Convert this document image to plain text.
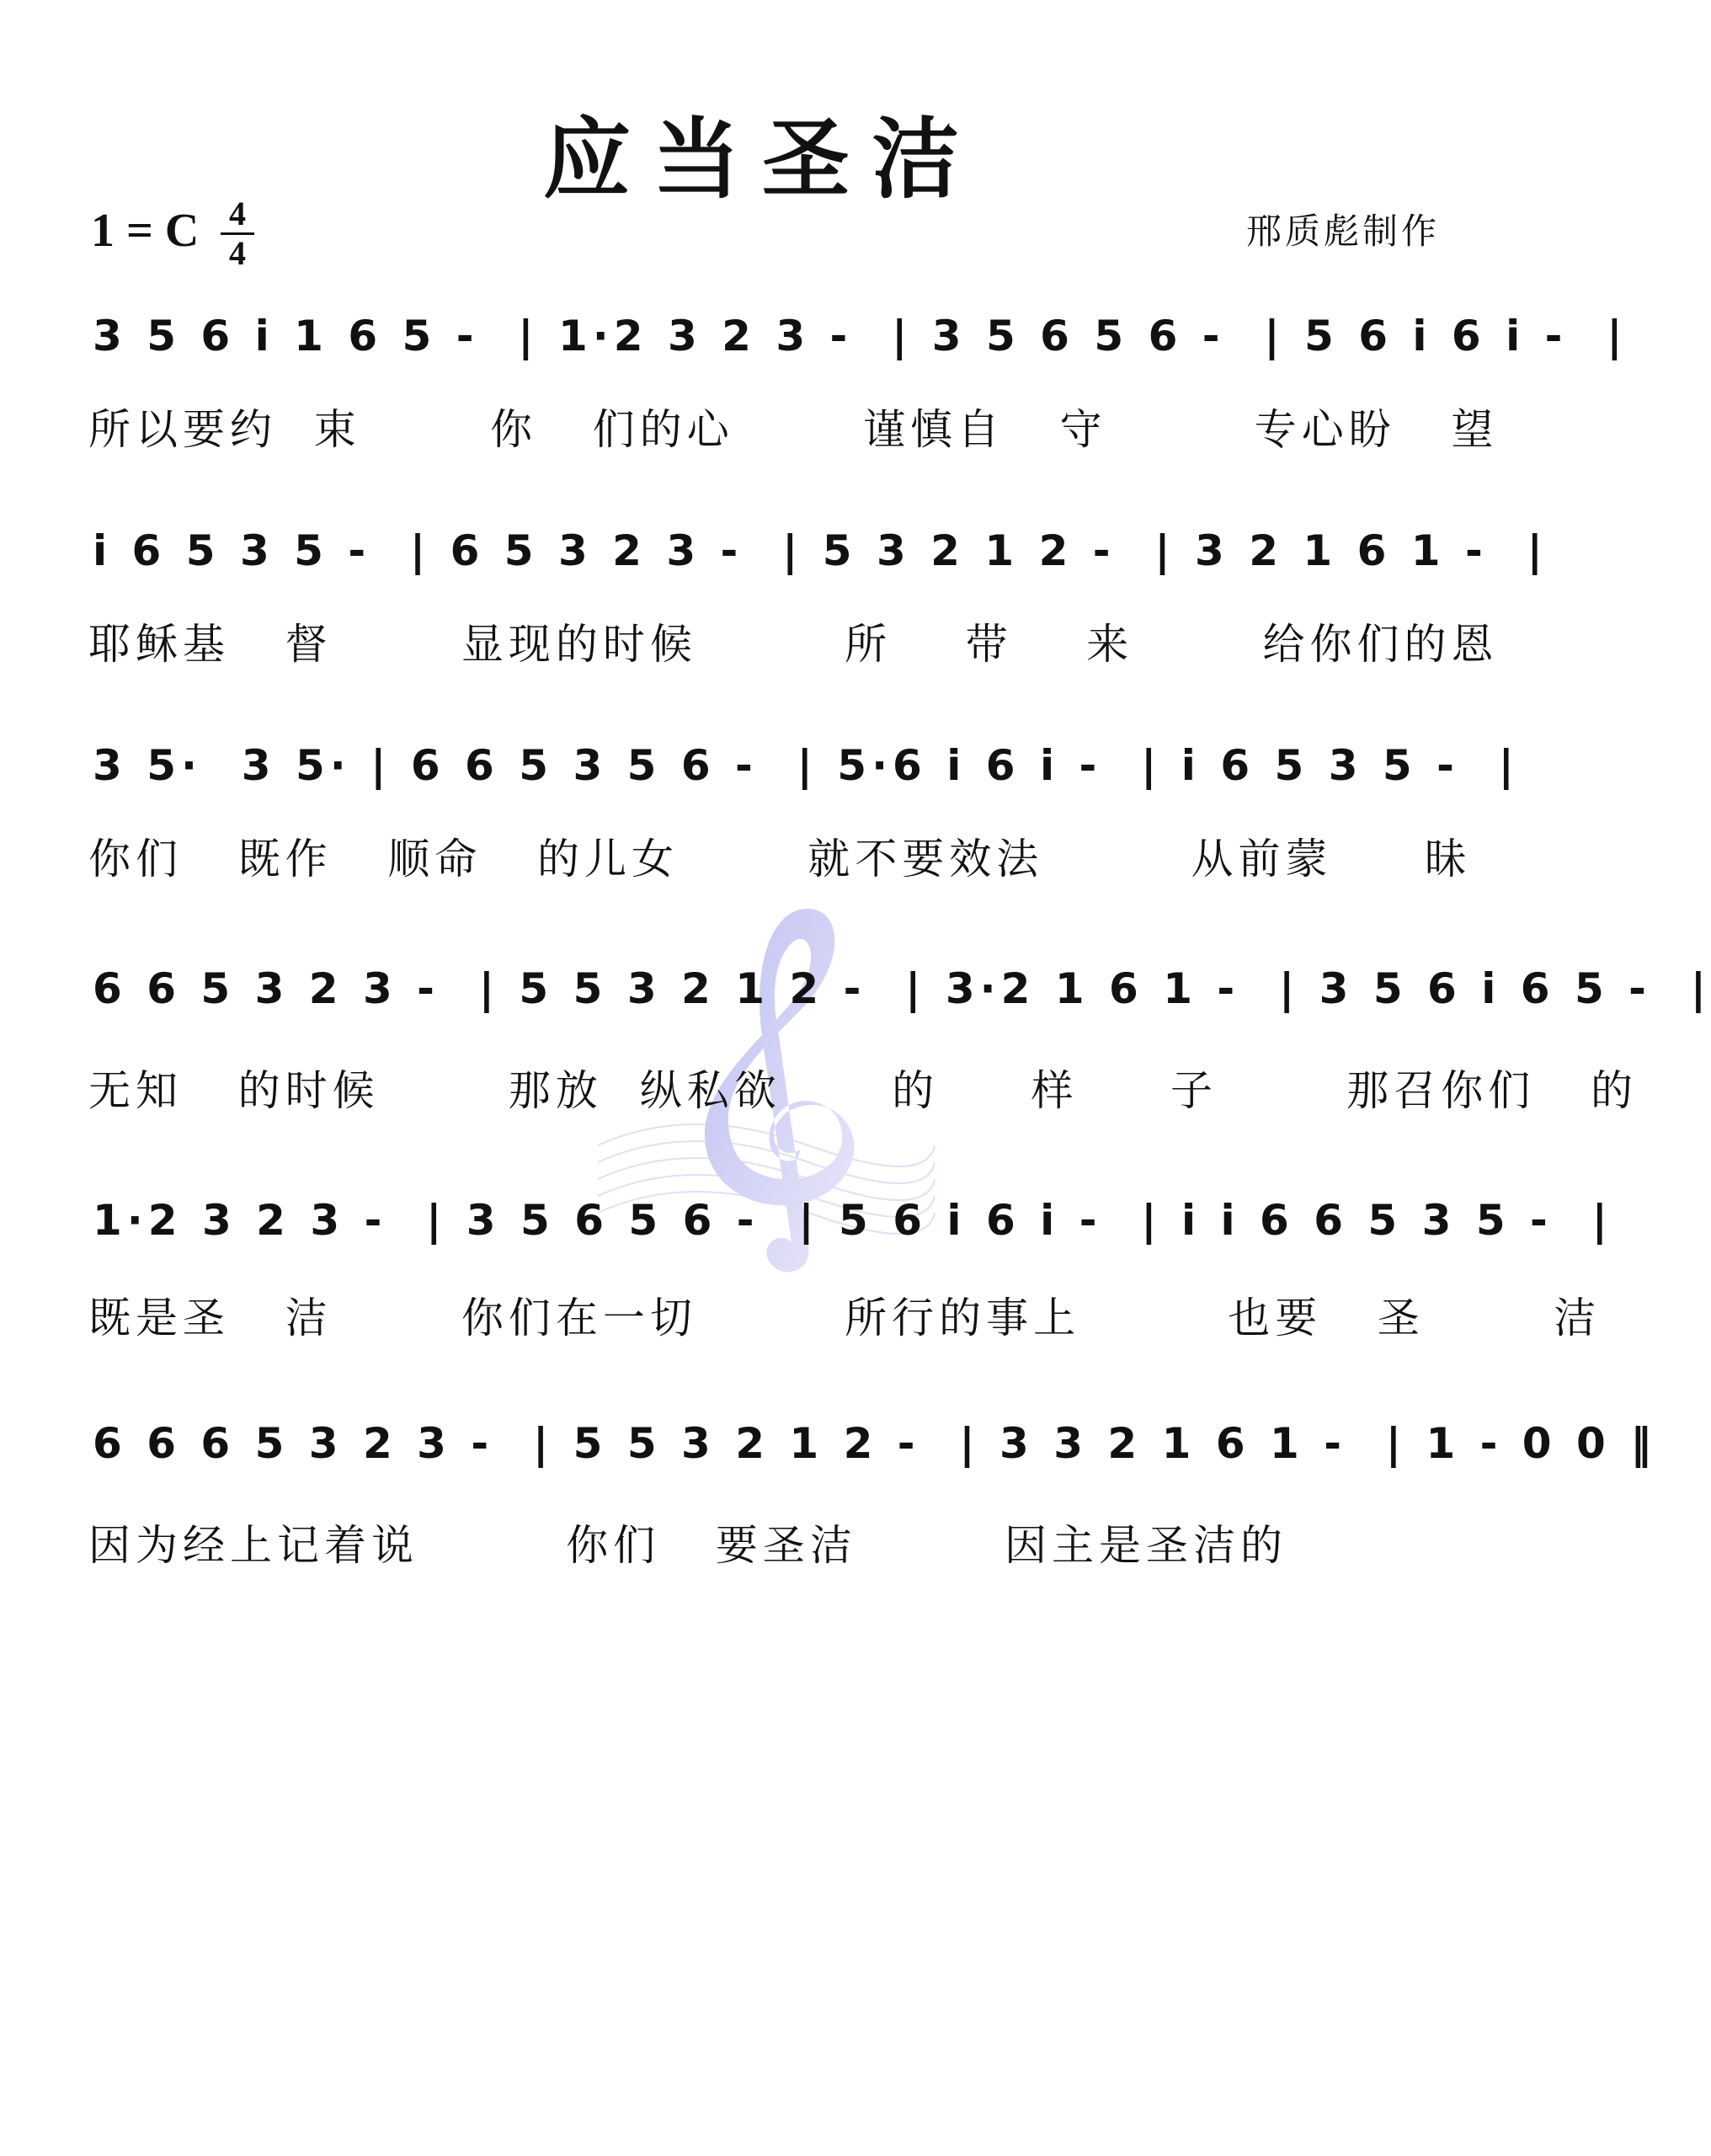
应当圣洁
1 = C 4
4
邢质彪制作
3 5 6 i 1 6 5 -  | 1·2 3 2 3 -  | 3 5 6 5 6 -  | 5 6 i 6 i -  |
所以要约  束       你   们的心       谨慎自   守        专心盼   望
i 6 5 3 5 -  | 6 5 3 2 3 -  | 5 3 2 1 2 -  | 3 2 1 6 1 -  |
耶稣基   督       显现的时候        所    带    来       给你们的恩
3 5·  3 5· | 6 6 5 3 5 6 -  | 5·6 i 6 i -  | i 6 5 3 5 -  |
你们   既作   顺命   的儿女       就不要效法        从前蒙     昧
6 6 5 3 2 3 -  | 5 5 3 2 1 2 -  | 3·2 1 6 1 -  | 3 5 6 i 6 5 -  |
无知   的时候       那放  纵私欲      的     样     子       那召你们   的
1·2 3 2 3 -  | 3 5 6 5 6 -  | 5 6 i 6 i -  | i i 6 6 5 3 5 -  |
既是圣   洁       你们在一切        所行的事上        也要   圣       洁
6 6 6 5 3 2 3 -  | 5 5 3 2 1 2 -  | 3 3 2 1 6 1 -  | 1 - 0 0 ‖
因为经上记着说        你们   要圣洁        因主是圣洁的
